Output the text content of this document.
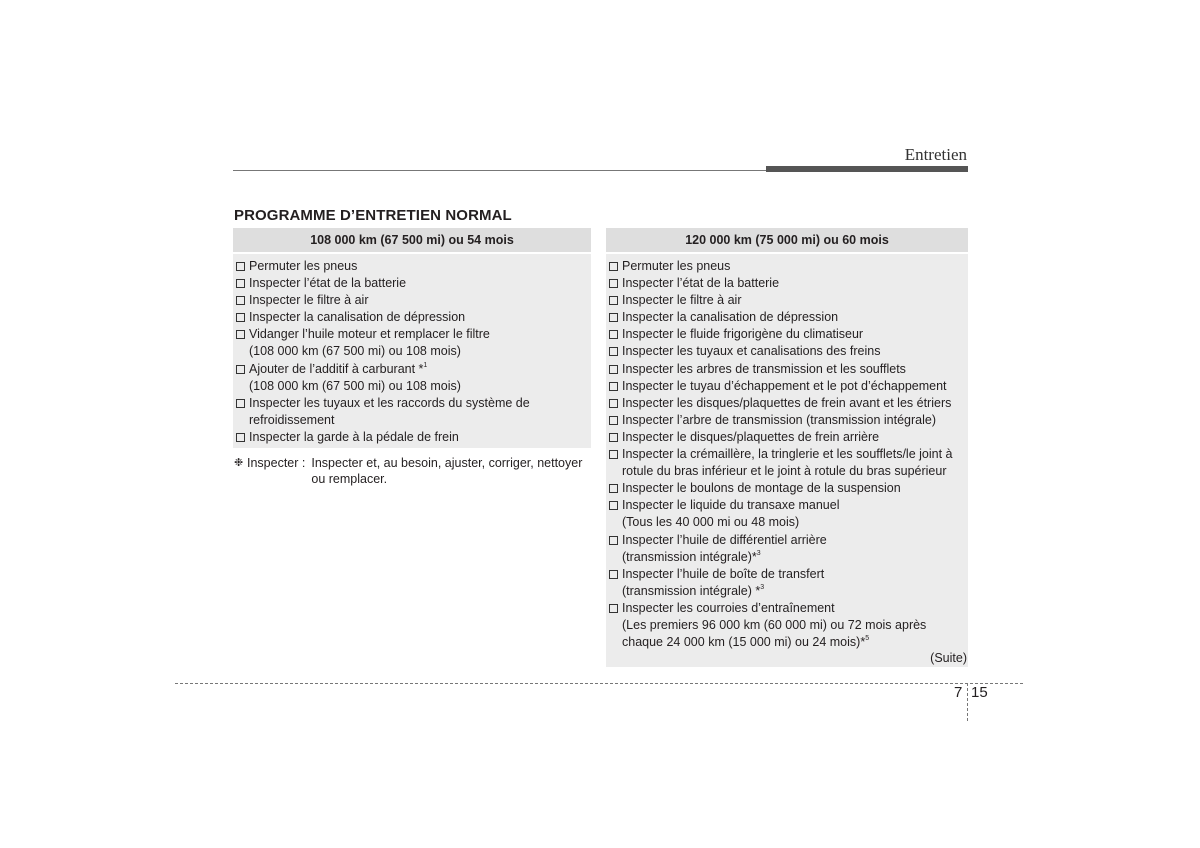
Entretien
PROGRAMME D’ENTRETIEN NORMAL
108 000 km (67 500 mi) ou 54 mois
Permuter les pneus
Inspecter l’état de la batterie
Inspecter le filtre à air
Inspecter la canalisation de dépression
Vidanger l’huile moteur et remplacer le filtre
(108 000 km (67 500 mi) ou 108 mois)
Ajouter de l’additif à carburant *$^1$
(108 000 km (67 500 mi) ou 108 mois)
Inspecter les tuyaux et les raccords du système de
refroidissement
Inspecter la garde à la pédale de frein
❉ Inspecter : Inspecter et, au besoin, ajuster, corriger, nettoyer ou remplacer.
120 000 km (75 000 mi) ou 60 mois
Permuter les pneus
Inspecter l’état de la batterie
Inspecter le filtre à air
Inspecter la canalisation de dépression
Inspecter le fluide frigorigène du climatiseur
Inspecter les tuyaux et canalisations des freins
Inspecter les arbres de transmission et les soufflets
Inspecter le tuyau d’échappement et le pot d’échappement
Inspecter les disques/plaquettes de frein avant et les étriers
Inspecter l’arbre de transmission (transmission intégrale)
Inspecter le disques/plaquettes de frein arrière
Inspecter la crémaillère, la tringlerie et les soufflets/le joint à
rotule du bras inférieur et le joint à rotule du bras supérieur
Inspecter le boulons de montage de la suspension
Inspecter le liquide du transaxe manuel
(Tous les 40 000 mi ou 48 mois)
Inspecter l’huile de différentiel arrière
(transmission intégrale)*$^3$
Inspecter l’huile de boîte de transfert
(transmission intégrale) *$^3$
Inspecter les courroies d’entraînement
(Les premiers 96 000 km (60 000 mi) ou 72 mois après
chaque 24 000 km (15 000 mi) ou 24 mois)*$^5$
(Suite)
7 15
